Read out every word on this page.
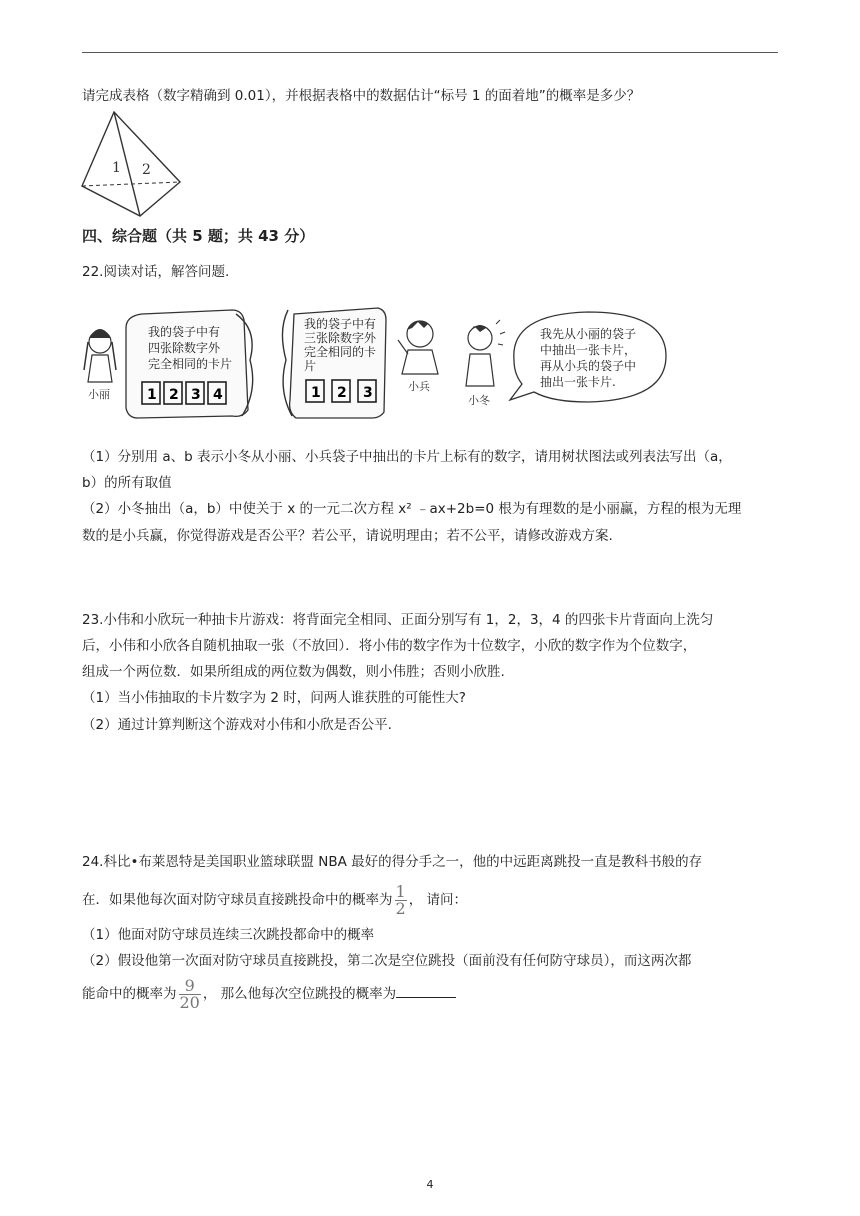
请完成表格（数字精确到 0.01），并根据表格中的数据估计“标号 1 的面着地”的概率是多少？
1 2
四、综合题（共 5 题；共 43 分）
22.阅读对话，解答问题.
小丽
我的袋子中有
四张除数字外
完全相同的卡片
1 2 3 4
我的袋子中有
三张除数字外
完全相同的卡
片
1 2 3	小兵
小冬
我先从小丽的袋子
中抽出一张卡片，
再从小兵的袋子中
抽出一张卡片.
（1）分别用 a、b 表示小冬从小丽、小兵袋子中抽出的卡片上标有的数字，请用树状图法或列表法写出（a，
b）的所有取值
（2）小冬抽出（a，b）中使关于 x 的一元二次方程 x² ﹣ax+2b=0 根为有理数的是小丽赢，方程的根为无理
数的是小兵赢，你觉得游戏是否公平？若公平，请说明理由；若不公平，请修改游戏方案.
23.小伟和小欣玩一种抽卡片游戏：将背面完全相同、正面分别写有 1，2，3，4 的四张卡片背面向上洗匀
后，小伟和小欣各自随机抽取一张（不放回）．将小伟的数字作为十位数字，小欣的数字作为个位数字，
组成一个两位数．如果所组成的两位数为偶数，则小伟胜；否则小欣胜.
（1）当小伟抽取的卡片数字为 2 时，问两人谁获胜的可能性大?
（2）通过计算判断这个游戏对小伟和小欣是否公平.
24.科比•布莱恩特是美国职业篮球联盟 NBA 最好的得分手之一，他的中远距离跳投一直是教科书般的存
在．如果他每次面对防守球员直接跳投命中的概率为 $\frac{1}{2}$ ， 请问：
（1）他面对防守球员连续三次跳投都命中的概率
（2）假设他第一次面对防守球员直接跳投，第二次是空位跳投（面前没有任何防守球员），而这两次都
能命中的概率为 $\frac{9}{20}$ ， 那么他每次空位跳投的概率为
4
